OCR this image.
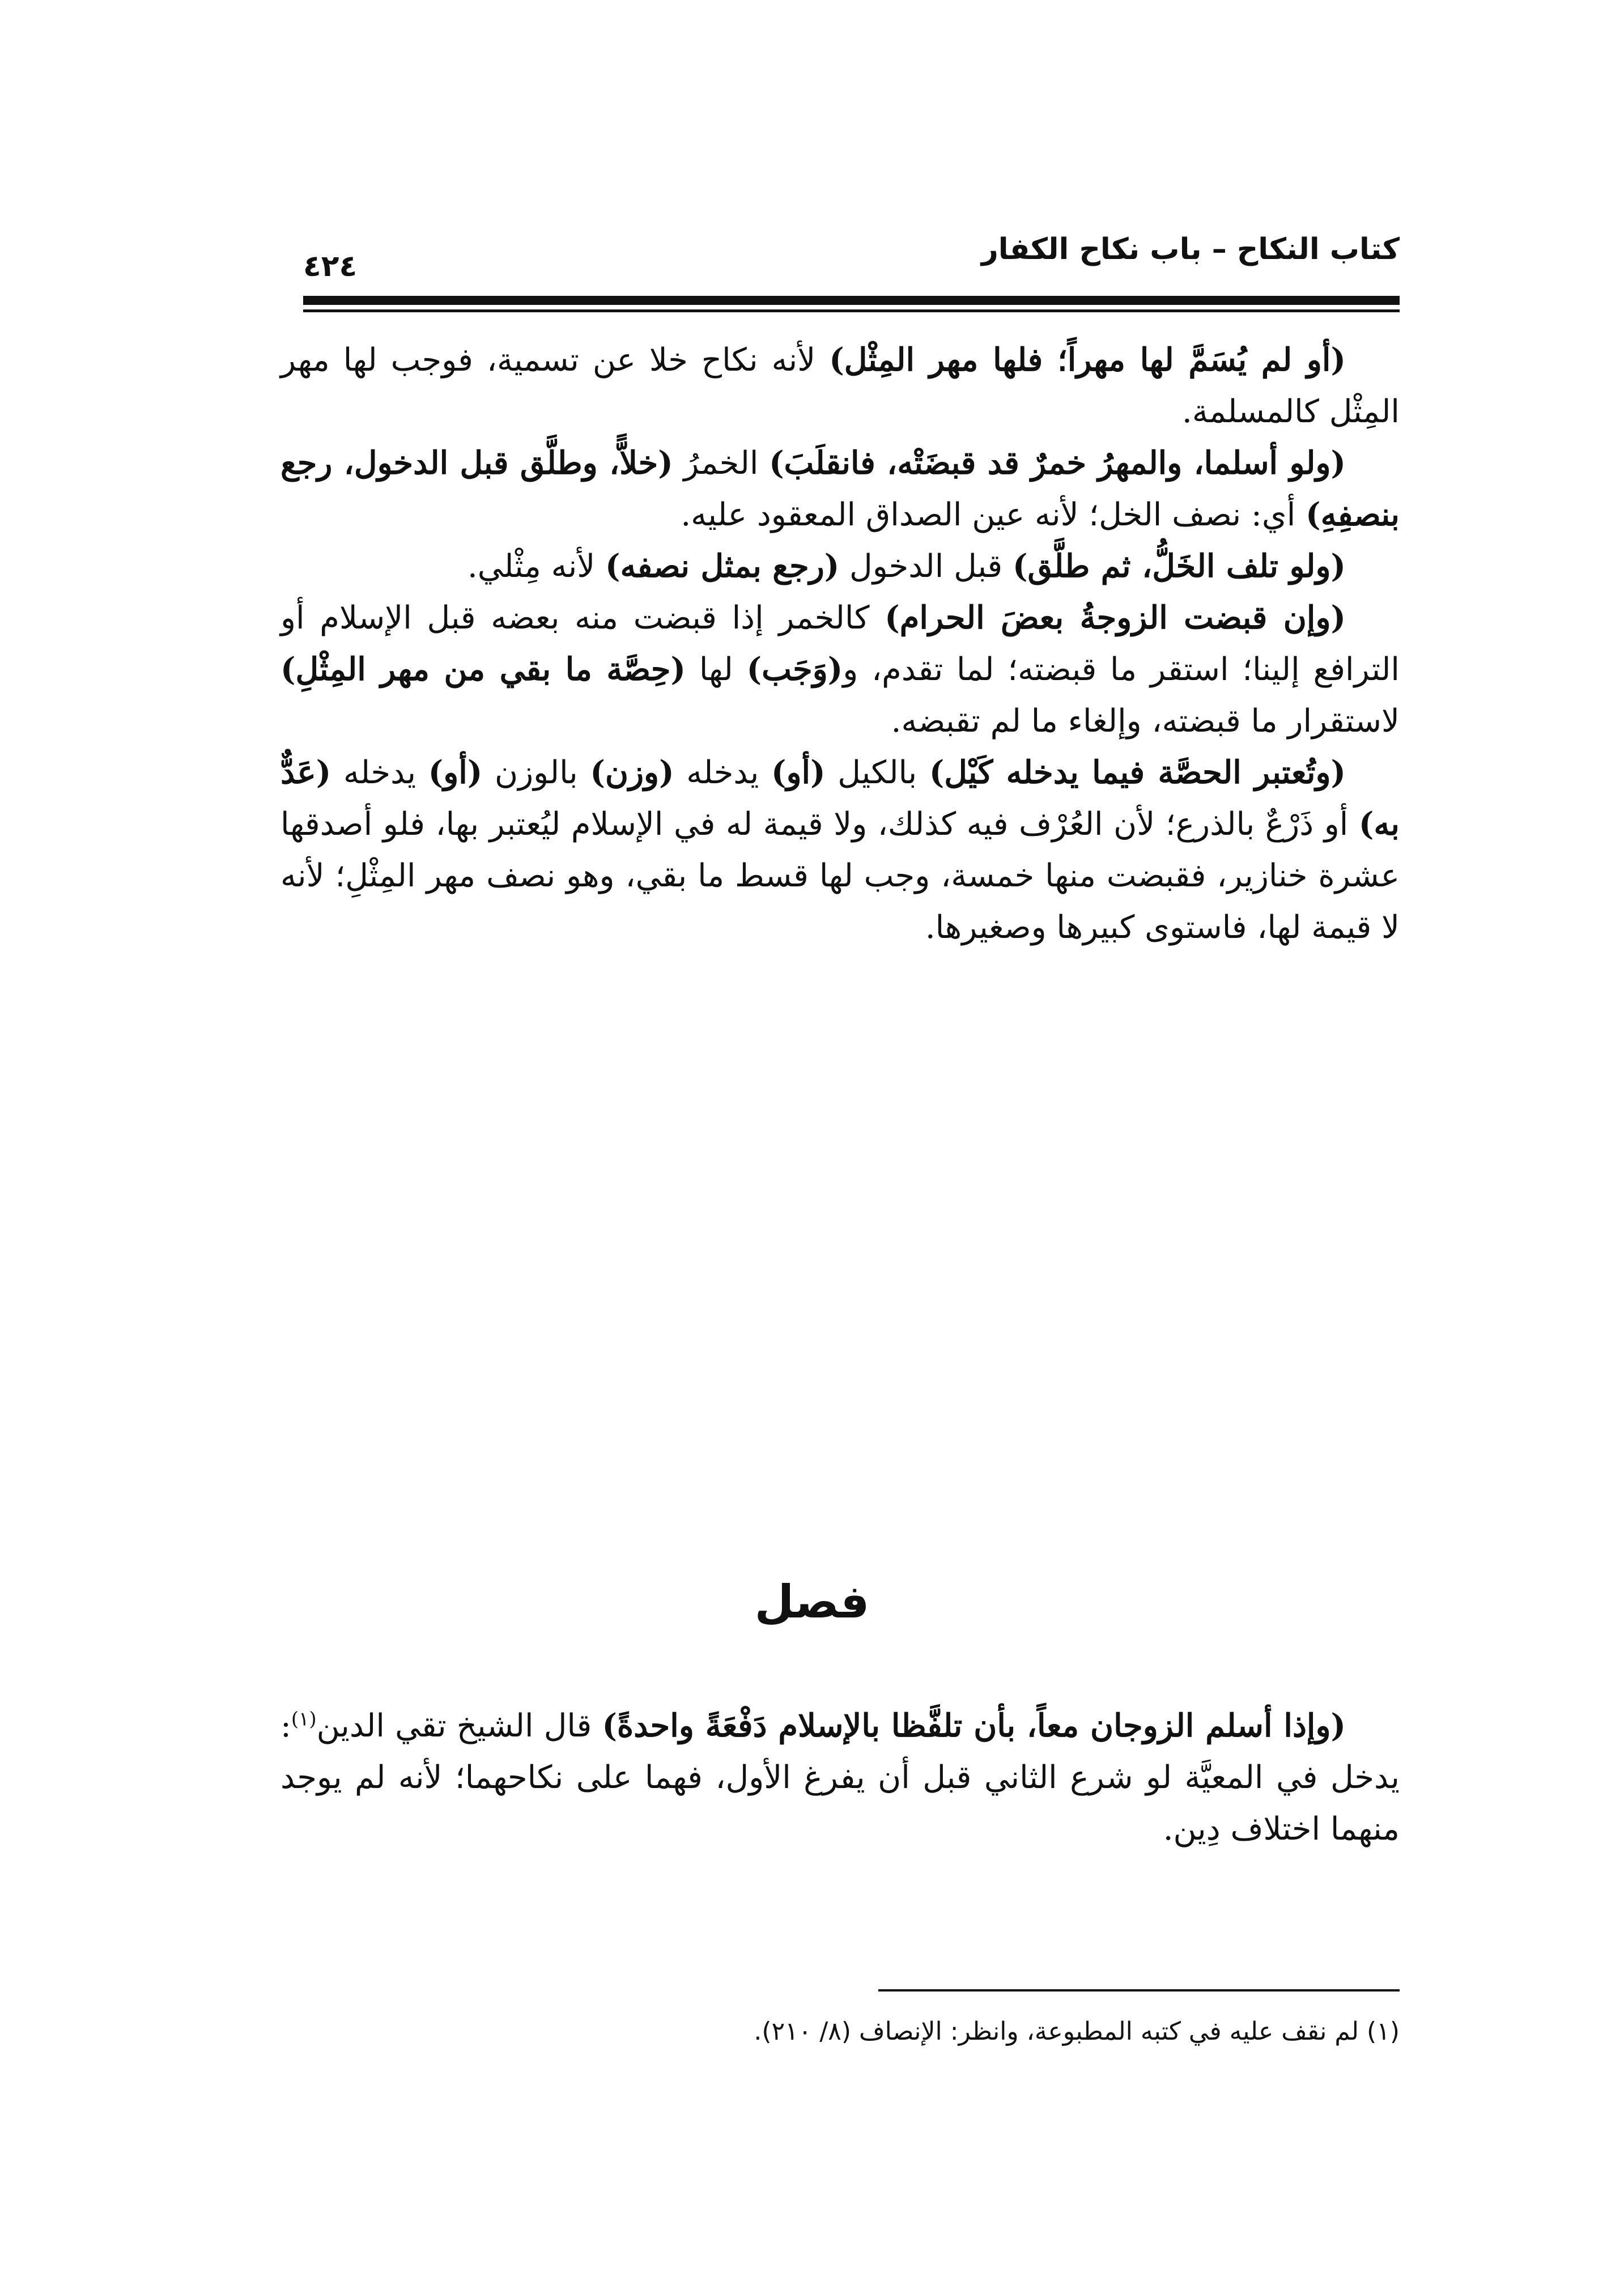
كتاب النكاح – باب نكاح الكفار
٤٢٤

(أو لم يُسَمَّ لها مهراً؛ فلها مهر المِثْل) لأنه نكاح خلا عن تسمية، فوجب لها مهر المِثْل كالمسلمة.

(ولو أسلما، والمهرُ خمرٌ قد قبضَتْه، فانقلَبَ) الخمرُ (خلاًّ، وطلَّق قبل الدخول، رجع بنصفِهِ) أي: نصف الخل؛ لأنه عين الصداق المعقود عليه.

(ولو تلف الخَلُّ، ثم طلَّق) قبل الدخول (رجع بمثل نصفه) لأنه مِثْلي.

(وإن قبضت الزوجةُ بعضَ الحرام) كالخمر إذا قبضت منه بعضه قبل الإسلام أو الترافع إلينا؛ استقر ما قبضته؛ لما تقدم، و(وَجَب) لها (حِصَّة ما بقي من مهر المِثْلِ) لاستقرار ما قبضته، وإلغاء ما لم تقبضه.

(وتُعتبر الحصَّة فيما يدخله كَيْل) بالكيل (أو) يدخله (وزن) بالوزن (أو) يدخله (عَدٌّ به) أو ذَرْعٌ بالذرع؛ لأن العُرْف فيه كذلك، ولا قيمة له في الإسلام ليُعتبر بها، فلو أصدقها عشرة خنازير، فقبضت منها خمسة، وجب لها قسط ما بقي، وهو نصف مهر المِثْلِ؛ لأنه لا قيمة لها، فاستوى كبيرها وصغيرها.

فصل

(وإذا أسلم الزوجان معاً، بأن تلفَّظا بالإسلام دَفْعَةً واحدةً) قال الشيخ تقي الدين$^{(١)}$: يدخل في المعيَّة لو شرع الثاني قبل أن يفرغ الأول، فهما على نكاحهما؛ لأنه لم يوجد منهما اختلاف دِين.

(١) لم نقف عليه في كتبه المطبوعة، وانظر: الإنصاف (٨/ ٢١٠).
